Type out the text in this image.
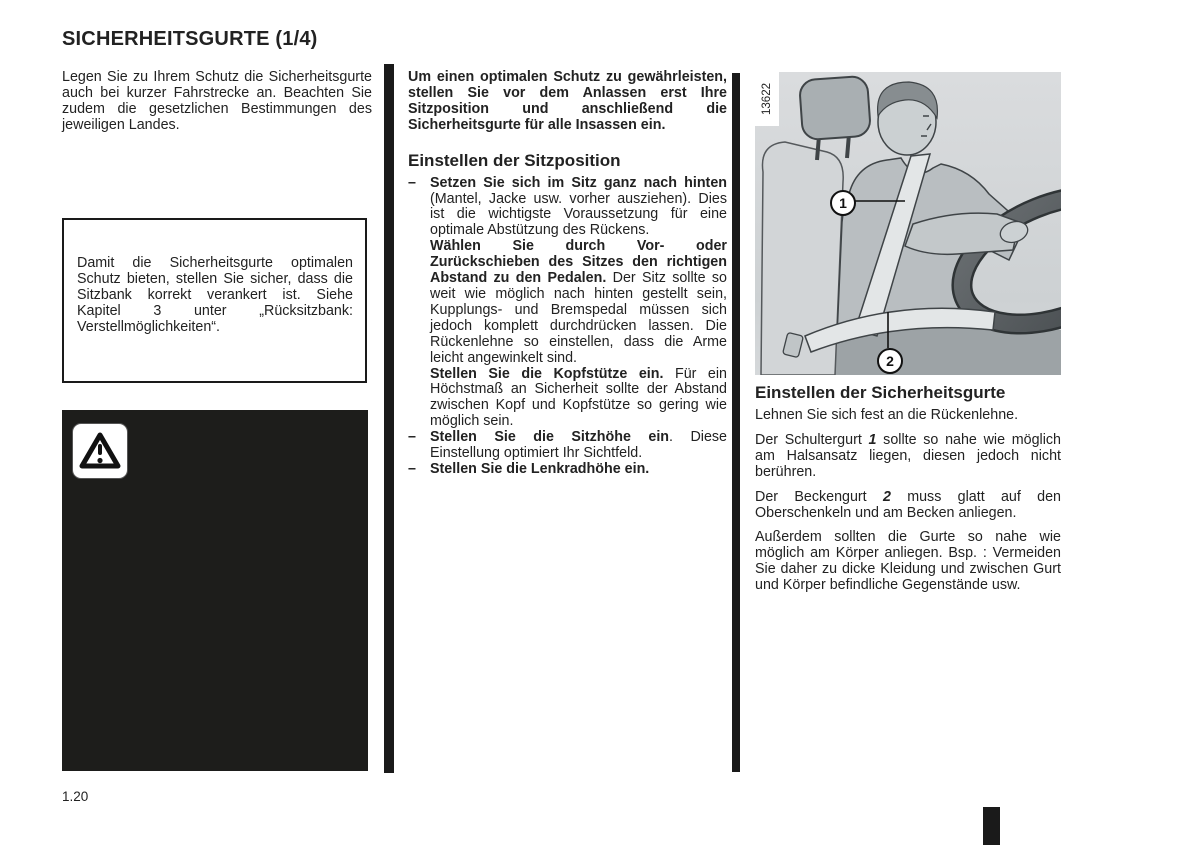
SICHERHEITSGURTE (1/4)

Legen Sie zu Ihrem Schutz die Sicherheitsgurte auch bei kurzer Fahrstrecke an. Beachten Sie zudem die gesetzlichen Bestimmungen des jeweiligen Landes.

Damit die Sicherheitsgurte optimalen Schutz bieten, stellen Sie sicher, dass die Sitzbank korrekt verankert ist. Siehe Kapitel 3 unter „Rücksitzbank: Verstellmöglichkeiten“.

Um einen optimalen Schutz zu gewährleisten, stellen Sie vor dem Anlassen erst Ihre Sitzposition und anschließend die Sicherheitsgurte für alle Insassen ein.

Einstellen der Sitzposition
– Setzen Sie sich im Sitz ganz nach hinten (Mantel, Jacke usw. vorher ausziehen). Dies ist die wichtigste Voraussetzung für eine optimale Abstützung des Rückens.
Wählen Sie durch Vor- oder Zurückschieben des Sitzes den richtigen Abstand zu den Pedalen. Der Sitz sollte so weit wie möglich nach hinten gestellt sein, Kupplungs- und Bremspedal müssen sich jedoch komplett durchdrücken lassen. Die Rückenlehne so einstellen, dass die Arme leicht angewinkelt sind.
Stellen Sie die Kopfstütze ein. Für ein Höchstmaß an Sicherheit sollte der Abstand zwischen Kopf und Kopfstütze so gering wie möglich sein.
– Stellen Sie die Sitzhöhe ein. Diese Einstellung optimiert Ihr Sichtfeld.
– Stellen Sie die Lenkradhöhe ein.
13622
1
2
Einstellen der Sicherheitsgurte

Lehnen Sie sich fest an die Rückenlehne.

Der Schultergurt 1 sollte so nahe wie möglich am Halsansatz liegen, diesen jedoch nicht berühren.

Der Beckengurt 2 muss glatt auf den Oberschenkeln und am Becken anliegen.

Außerdem sollten die Gurte so nahe wie möglich am Körper anliegen. Bsp. : Vermeiden Sie daher zu dicke Kleidung und zwischen Gurt und Körper befindliche Gegenstände usw.

1.20
